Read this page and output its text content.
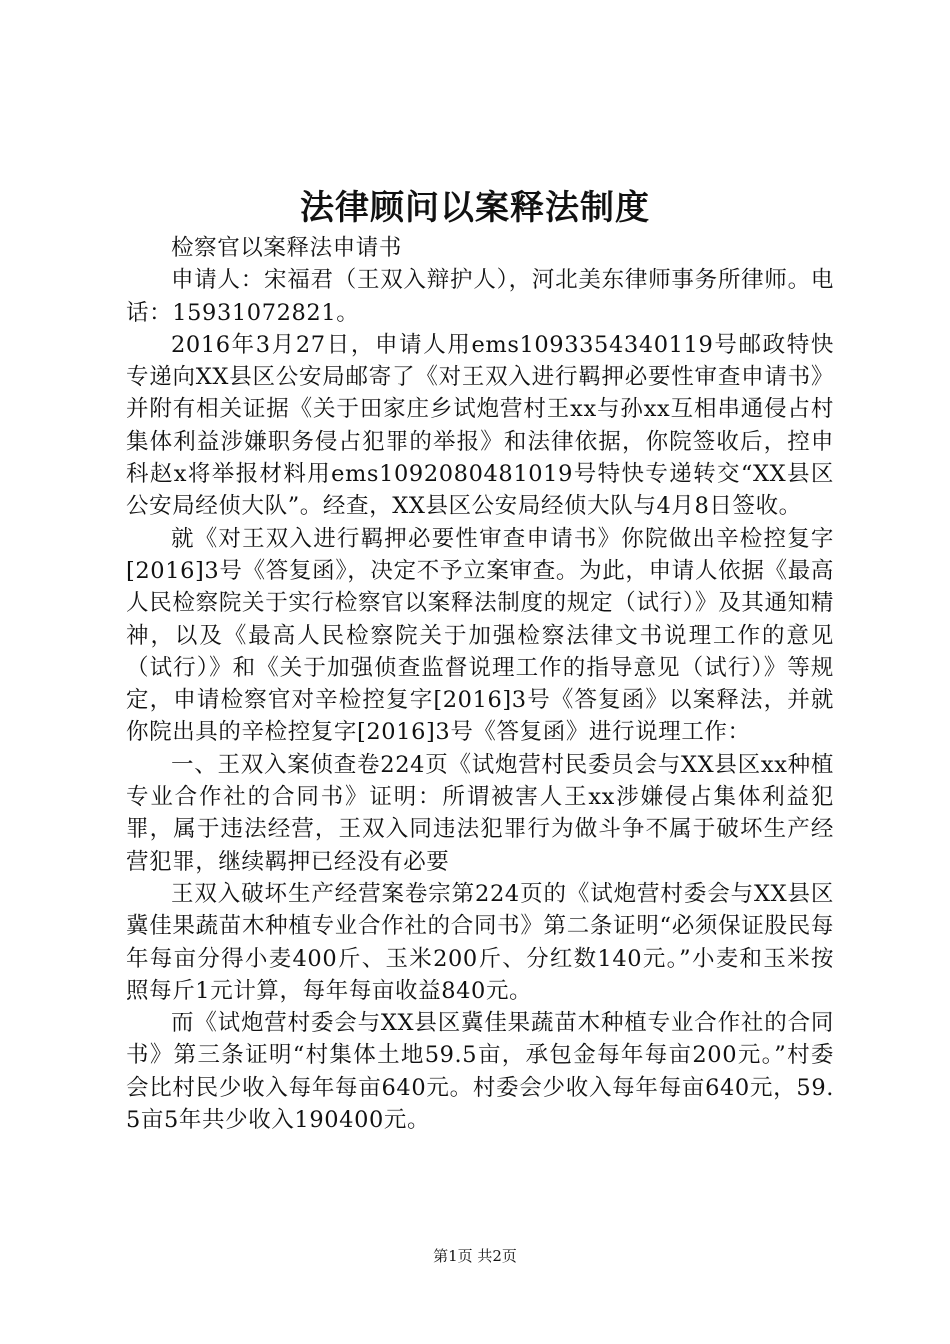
法律顾问以案释法制度

检察官以案释法申请书

申请人：宋福君（王双入辩护人），河北美东律师事务所律师。电话：15931072821。

2016年3月27日，申请人用ems1093354340119号邮政特快专递向XX县区公安局邮寄了《对王双入进行羁押必要性审查申请书》并附有相关证据《关于田家庄乡试炮营村王xx与孙xx互相串通侵占村集体利益涉嫌职务侵占犯罪的举报》和法律依据，你院签收后，控申科赵x将举报材料用ems1092080481019号特快专递转交“XX县区公安局经侦大队”。经查，XX县区公安局经侦大队与4月8日签收。

就《对王双入进行羁押必要性审查申请书》你院做出辛检控复字[2016]3号《答复函》，决定不予立案审查。为此，申请人依据《最高人民检察院关于实行检察官以案释法制度的规定（试行）》及其通知精神，以及《最高人民检察院关于加强检察法律文书说理工作的意见（试行）》和《关于加强侦查监督说理工作的指导意见（试行）》等规定，申请检察官对辛检控复字[2016]3号《答复函》以案释法，并就你院出具的辛检控复字[2016]3号《答复函》进行说理工作：

一、王双入案侦查卷224页《试炮营村民委员会与XX县区xx种植专业合作社的合同书》证明：所谓被害人王xx涉嫌侵占集体利益犯罪，属于违法经营，王双入同违法犯罪行为做斗争不属于破坏生产经营犯罪，继续羁押已经没有必要

王双入破坏生产经营案卷宗第224页的《试炮营村委会与XX县区冀佳果蔬苗木种植专业合作社的合同书》第二条证明“必须保证股民每年每亩分得小麦400斤、玉米200斤、分红数140元。”小麦和玉米按照每斤1元计算，每年每亩收益840元。

而《试炮营村委会与XX县区冀佳果蔬苗木种植专业合作社的合同书》第三条证明“村集体土地59.5亩，承包金每年每亩200元。”村委会比村民少收入每年每亩640元。村委会少收入每年每亩640元，59.5亩5年共少收入190400元。

第1页 共2页
